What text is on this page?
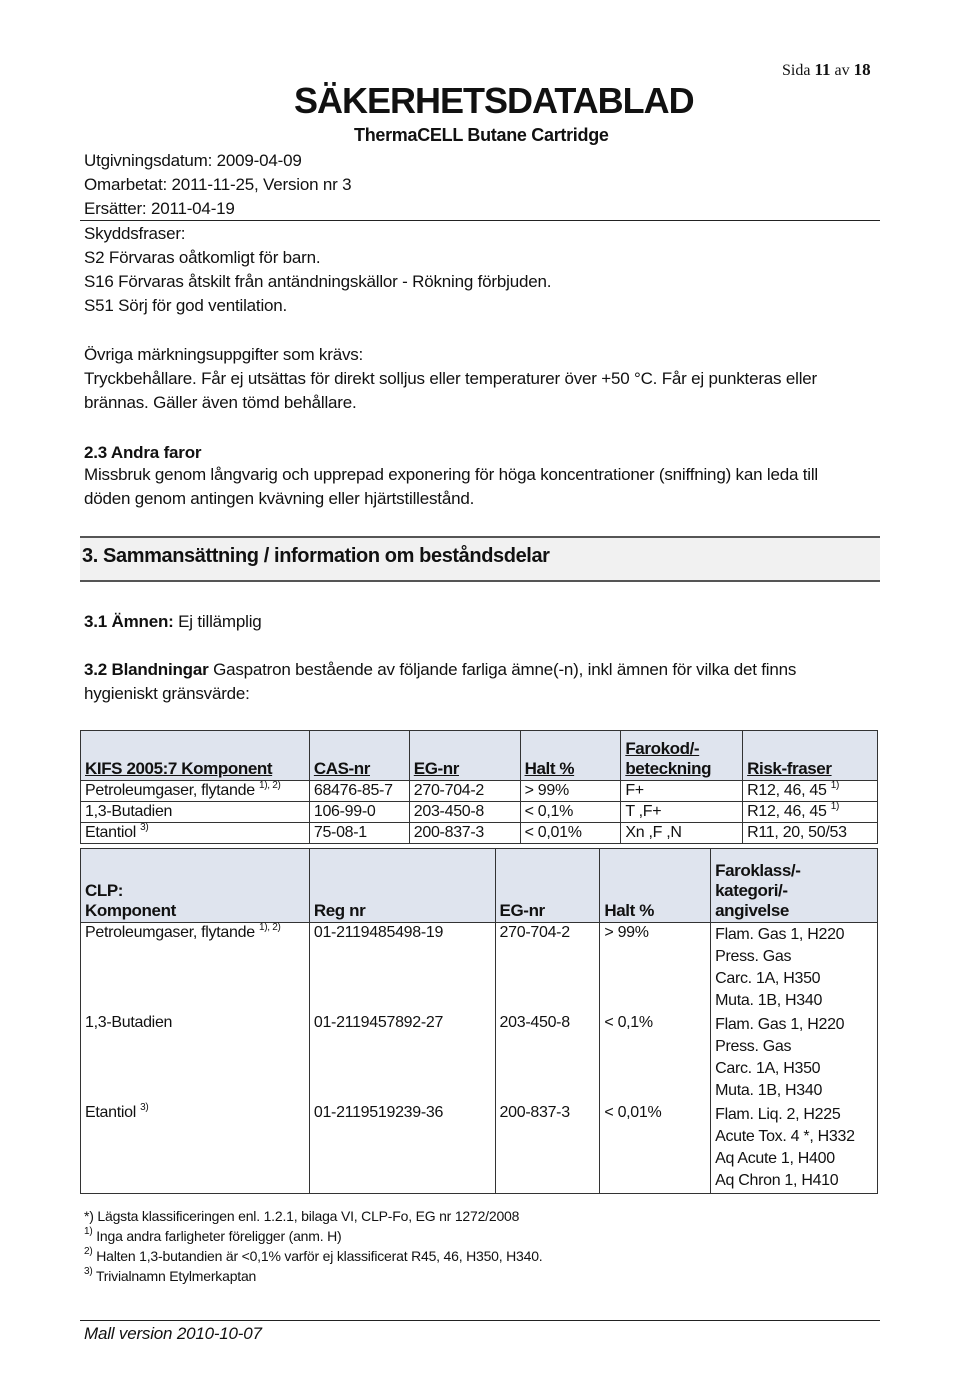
Sida 11 av 18
SÄKERHETSDATABLAD
ThermaCELL Butane Cartridge
Utgivningsdatum: 2009-04-09
Omarbetat: 2011-11-25, Version nr 3
Ersätter: 2011-04-19
Skyddsfraser:
S2 Förvaras oåtkomligt för barn.
S16 Förvaras åtskilt från antändningskällor - Rökning förbjuden.
S51 Sörj för god ventilation.
Övriga märkningsuppgifter som krävs:
Tryckbehållare. Får ej utsättas för direkt solljus eller temperaturer över +50 °C. Får ej punkteras eller
brännas. Gäller även tömd behållare.
2.3 Andra faror
Missbruk genom långvarig och upprepad exponering för höga koncentrationer (sniffning) kan leda till
döden genom antingen kvävning eller hjärtstillestånd.
3. Sammansättning / information om beståndsdelar
3.1 Ämnen: Ej tillämplig
3.2 Blandningar Gaspatron bestående av följande farliga ämne(-n), inkl ämnen för vilka det finns
hygieniskt gränsvärde:
KIFS 2005:7 Komponent	CAS-nr	EG-nr	Halt %	Farokod/-
beteckning	Risk-fraser
Petroleumgaser, flytande $^{1), 2)}$	68476-85-7	270-704-2	> 99%	F+	R12, 46, 45 $^{1)}$
1,3-Butadien	106-99-0	203-450-8	< 0,1%	T ,F+	R12, 46, 45 $^{1)}$
Etantiol $^{3)}$	75-08-1	200-837-3	< 0,01%	Xn ,F ,N	R11, 20, 50/53
CLP:
Komponent	Reg nr	EG-nr	Halt %	Faroklass/-
kategori/-
angivelse
Petroleumgaser, flytande $^{1), 2)}$	01-2119485498-19	270-704-2	> 99%	Flam. Gas 1, H220
Press. Gas
Carc. 1A, H350
Muta. 1B, H340

1,3-Butadien	01-2119457892-27	203-450-8	< 0,1%	Flam. Gas 1, H220
Press. Gas
Carc. 1A, H350
Muta. 1B, H340

Etantiol $^{3)}$	01-2119519239-36	200-837-3	< 0,01%	Flam. Liq. 2, H225
Acute Tox. 4 *, H332
Aq Acute 1, H400
Aq Chron 1, H410
*) Lägsta klassificeringen enl. 1.2.1, bilaga VI, CLP-Fo, EG nr 1272/2008
$^{1)}$ Inga andra farligheter föreligger (anm. H)
$^{2)}$ Halten 1,3-butandien är <0,1% varför ej klassificerat R45, 46, H350, H340.
$^{3)}$ Trivialnamn Etylmerkaptan
Mall version 2010-10-07
